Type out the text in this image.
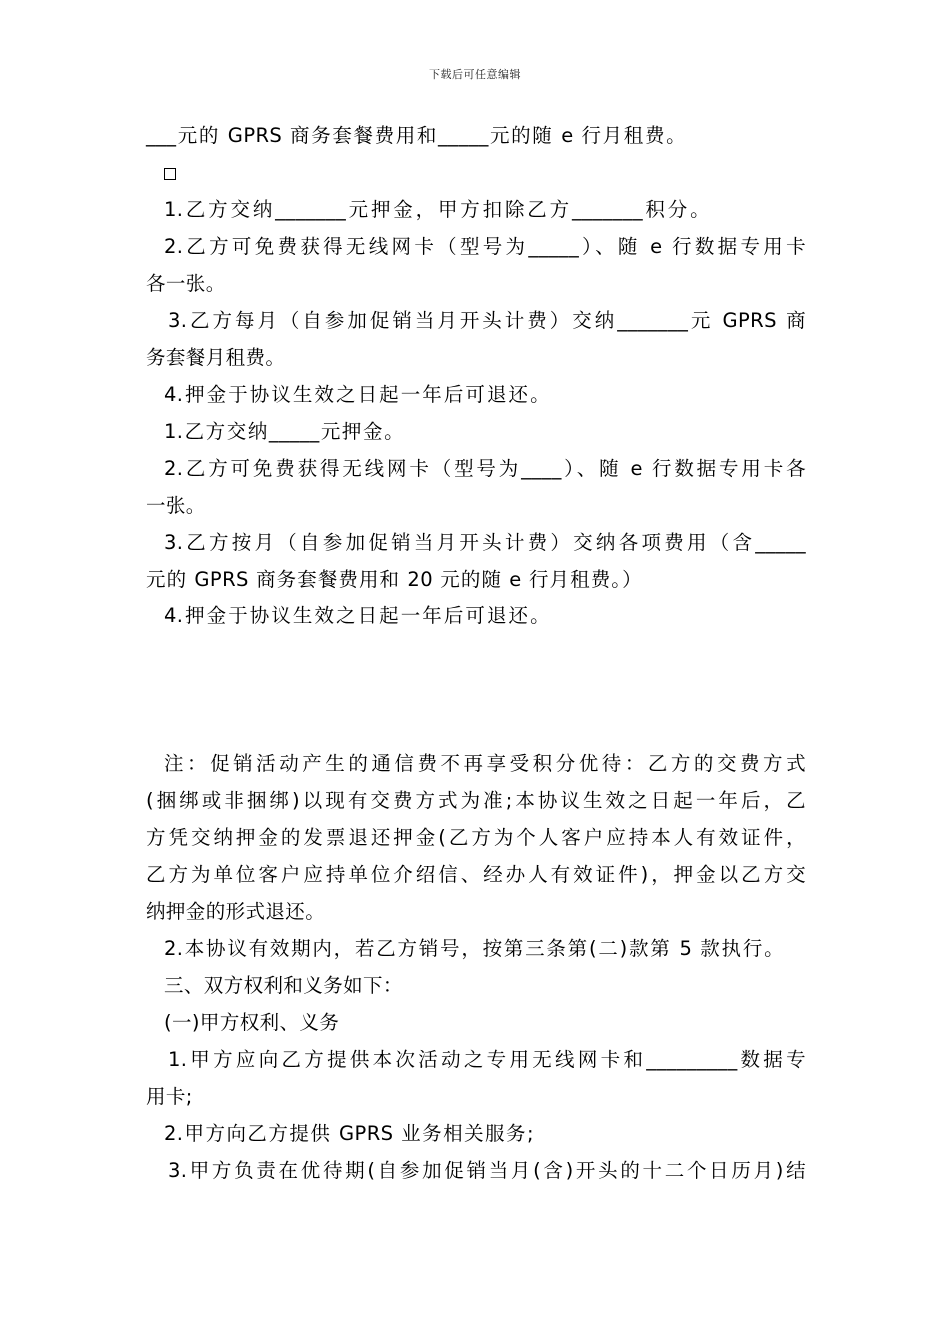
下载后可任意编辑
___元的 GPRS 商务套餐费用和_____元的随 e 行月租费。
1.乙方交纳_______元押金，甲方扣除乙方_______积分。
2.乙方可免费获得无线网卡（型号为_____）、随 e 行数据专用卡
各一张。
3.乙方每月（自参加促销当月开头计费）交纳_______元 GPRS 商
务套餐月租费。
4.押金于协议生效之日起一年后可退还。
1.乙方交纳_____元押金。
2.乙方可免费获得无线网卡（型号为____）、随 e 行数据专用卡各
一张。
3.乙方按月（自参加促销当月开头计费）交纳各项费用（含_____
元的 GPRS 商务套餐费用和 20 元的随 e 行月租费。）
4.押金于协议生效之日起一年后可退还。
注：促销活动产生的通信费不再享受积分优待：乙方的交费方式
(捆绑或非捆绑)以现有交费方式为准;本协议生效之日起一年后，乙
方凭交纳押金的发票退还押金(乙方为个人客户应持本人有效证件，
乙方为单位客户应持单位介绍信、经办人有效证件)，押金以乙方交
纳押金的形式退还。
2.本协议有效期内，若乙方销号，按第三条第(二)款第 5 款执行。
三、双方权利和义务如下：
(一)甲方权利、义务
1.甲方应向乙方提供本次活动之专用无线网卡和_________数据专
用卡;
2.甲方向乙方提供 GPRS 业务相关服务;
3.甲方负责在优待期(自参加促销当月(含)开头的十二个日历月)结
